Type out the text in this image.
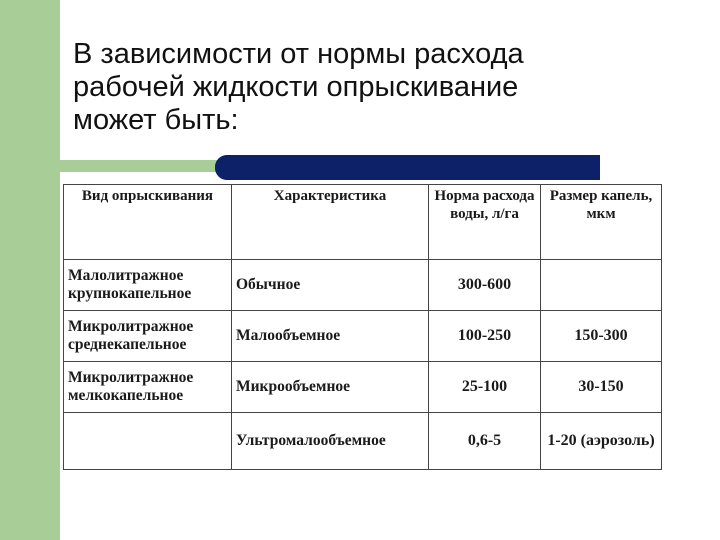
В зависимости от нормы расхода
рабочей жидкости опрыскивание
может быть:
Вид опрыскивания	Характеристика	Норма расхода воды, л/га	Размер капель, мкм
Малолитражное крупнокапельное	Обычное	300-600	
Микролитражное среднекапельное	Малообъемное	100-250	150-300
Микролитражное мелкокапельное	Микрообъемное	25-100	30-150
	Ультромалообъемное	0,6-5	1-20 (аэрозоль)
